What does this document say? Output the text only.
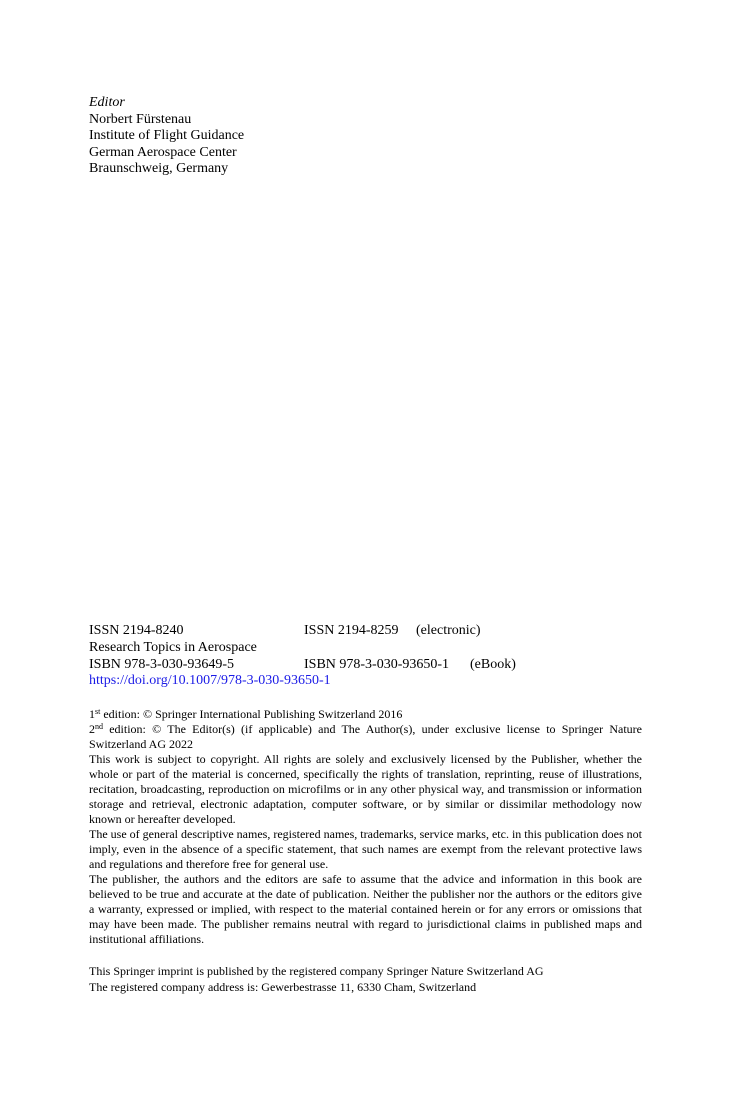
Editor
Norbert Fürstenau
Institute of Flight Guidance
German Aerospace Center
Braunschweig, Germany
ISSN 2194-8240	ISSN 2194-8259 (electronic)
Research Topics in Aerospace
ISBN 978-3-030-93649-5	ISBN 978-3-030-93650-1 (eBook)
https://doi.org/10.1007/978-3-030-93650-1

1st edition: © Springer International Publishing Switzerland 2016

2nd edition: © The Editor(s) (if applicable) and The Author(s), under exclusive license to Springer Nature Switzerland AG 2022

This work is subject to copyright. All rights are solely and exclusively licensed by the Publisher, whether the whole or part of the material is concerned, specifically the rights of translation, reprinting, reuse of illustrations, recitation, broadcasting, reproduction on microfilms or in any other physical way, and transmission or information storage and retrieval, electronic adaptation, computer software, or by similar or dissimilar methodology now known or hereafter developed.

The use of general descriptive names, registered names, trademarks, service marks, etc. in this publication does not imply, even in the absence of a specific statement, that such names are exempt from the relevant protective laws and regulations and therefore free for general use.

The publisher, the authors and the editors are safe to assume that the advice and information in this book are believed to be true and accurate at the date of publication. Neither the publisher nor the authors or the editors give a warranty, expressed or implied, with respect to the material contained herein or for any errors or omissions that may have been made. The publisher remains neutral with regard to jurisdictional claims in published maps and institutional affiliations.

This Springer imprint is published by the registered company Springer Nature Switzerland AG

The registered company address is: Gewerbestrasse 11, 6330 Cham, Switzerland
